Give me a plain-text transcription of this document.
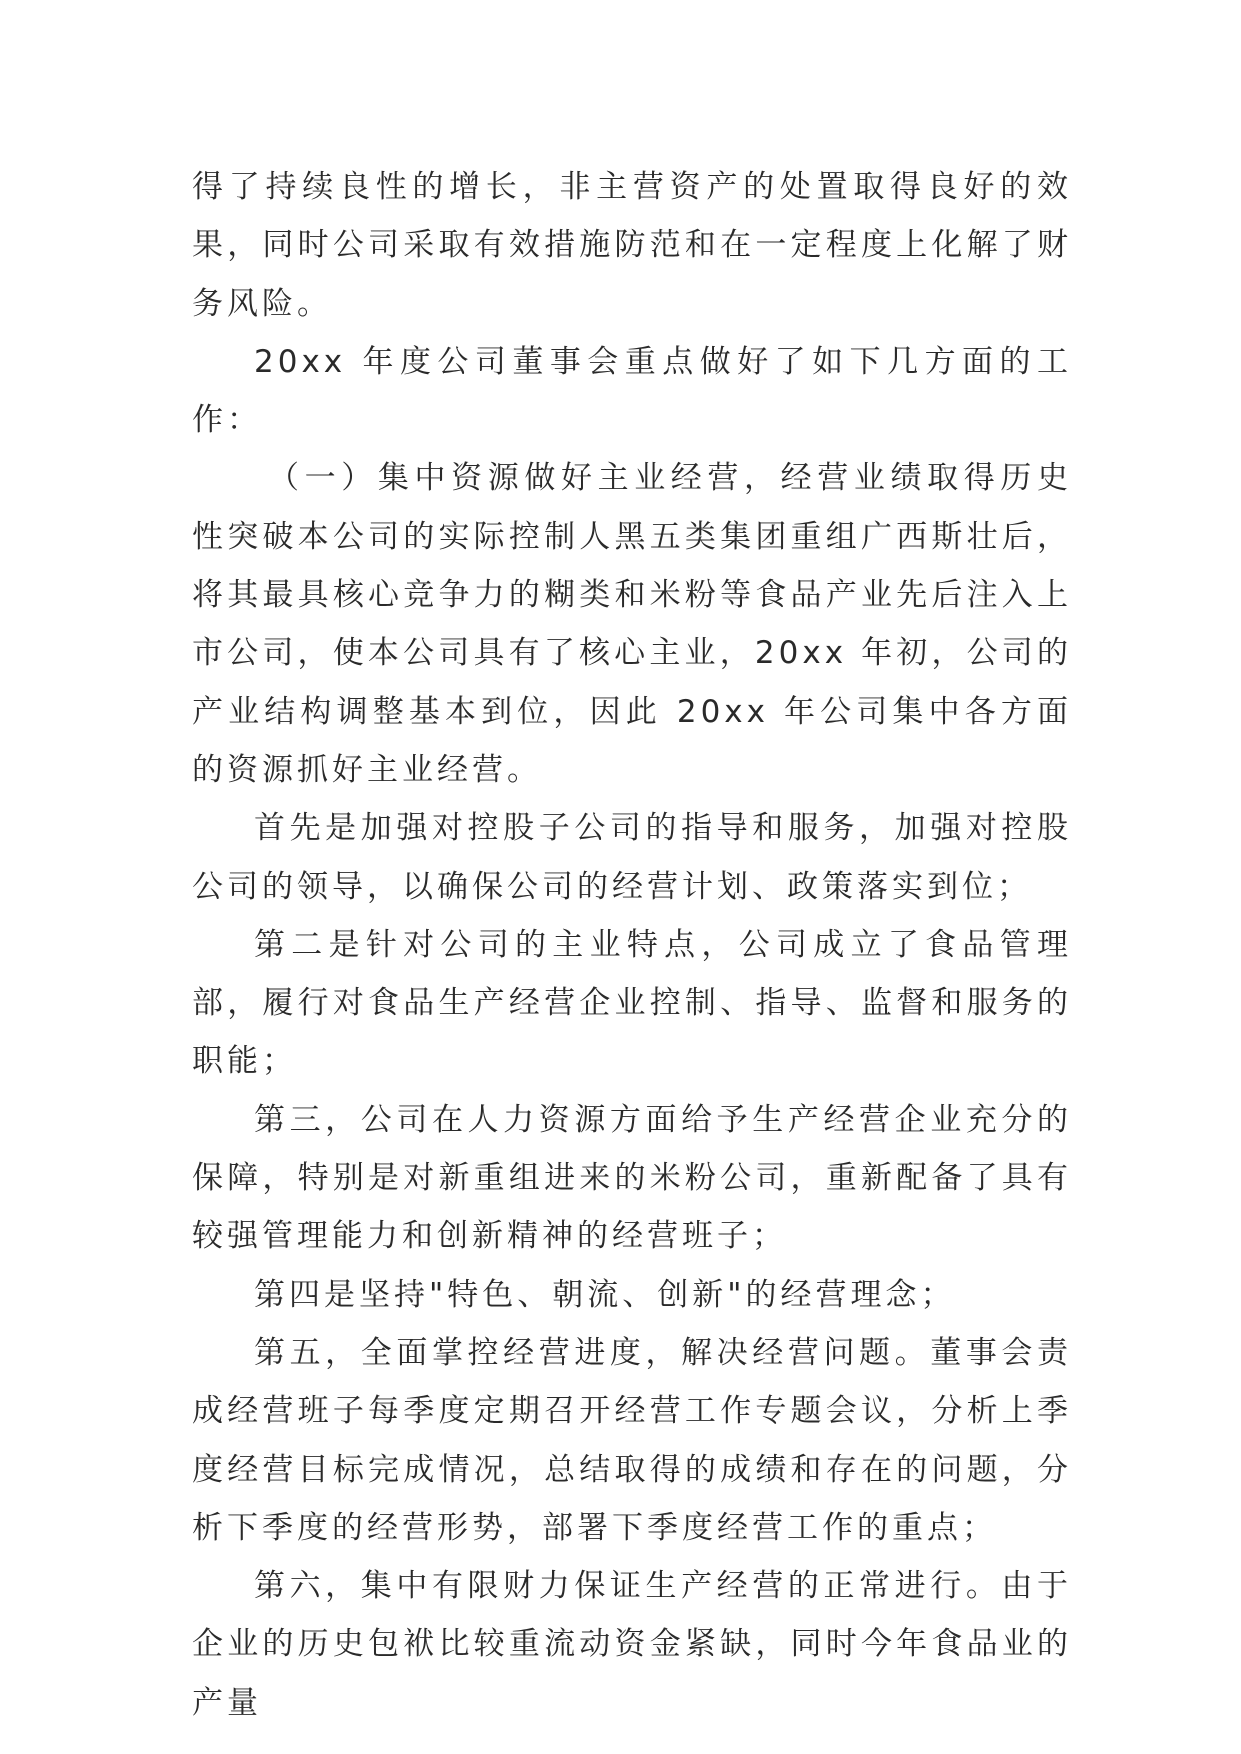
得了持续良性的增长，非主营资产的处置取得良好的效果，同时公司采取有效措施防范和在一定程度上化解了财务风险。

20xx 年度公司董事会重点做好了如下几方面的工作：

（一）集中资源做好主业经营，经营业绩取得历史性突破本公司的实际控制人黑五类集团重组广西斯壮后，将其最具核心竞争力的糊类和米粉等食品产业先后注入上市公司，使本公司具有了核心主业，20xx 年初，公司的产业结构调整基本到位，因此 20xx 年公司集中各方面的资源抓好主业经营。

首先是加强对控股子公司的指导和服务，加强对控股公司的领导，以确保公司的经营计划、政策落实到位；

第二是针对公司的主业特点，公司成立了食品管理部，履行对食品生产经营企业控制、指导、监督和服务的职能；

第三，公司在人力资源方面给予生产经营企业充分的保障，特别是对新重组进来的米粉公司，重新配备了具有较强管理能力和创新精神的经营班子；

第四是坚持"特色、朝流、创新"的经营理念；

第五，全面掌控经营进度，解决经营问题。董事会责成经营班子每季度定期召开经营工作专题会议，分析上季度经营目标完成情况，总结取得的成绩和存在的问题，分析下季度的经营形势，部署下季度经营工作的重点；

第六，集中有限财力保证生产经营的正常进行。由于企业的历史包袱比较重流动资金紧缺，同时今年食品业的产量
